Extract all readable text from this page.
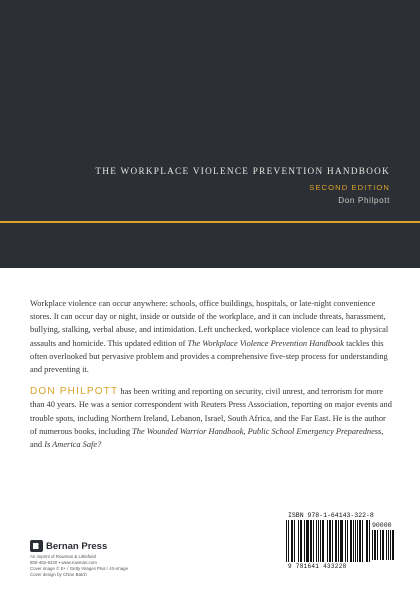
THE WORKPLACE VIOLENCE PREVENTION HANDBOOK
SECOND EDITION
Don Philpott

Workplace violence can occur anywhere: schools, office buildings, hospitals, or late-night convenience stores. It can occur day or night, inside or outside of the workplace, and it can include threats, harassment, bullying, stalking, verbal abuse, and intimidation. Left unchecked, workplace violence can lead to physical assaults and homicide. This updated edition of The Workplace Violence Prevention Handbook tackles this often overlooked but pervasive problem and provides a comprehensive five-step process for understanding and preventing it.

DON PHILPOTT has been writing and reporting on security, civil unrest, and terrorism for more than 40 years. He was a senior correspondent with Reuters Press Association, reporting on major events and trouble spots, including Northern Ireland, Lebanon, Israel, South Africa, and the Far East. He is the author of numerous books, including The Wounded Warrior Handbook, Public School Emergency Preparedness, and Is America Safe?

Bernan Press
An imprint of Rowman & Littlefield
800-462-6420 • www.rowman.com
Cover image © E+ / Getty Images Plus / 4X-image
Cover design by Chloe Batch
ISBN 978-1-64143-322-8
90000
9 781641 433228
